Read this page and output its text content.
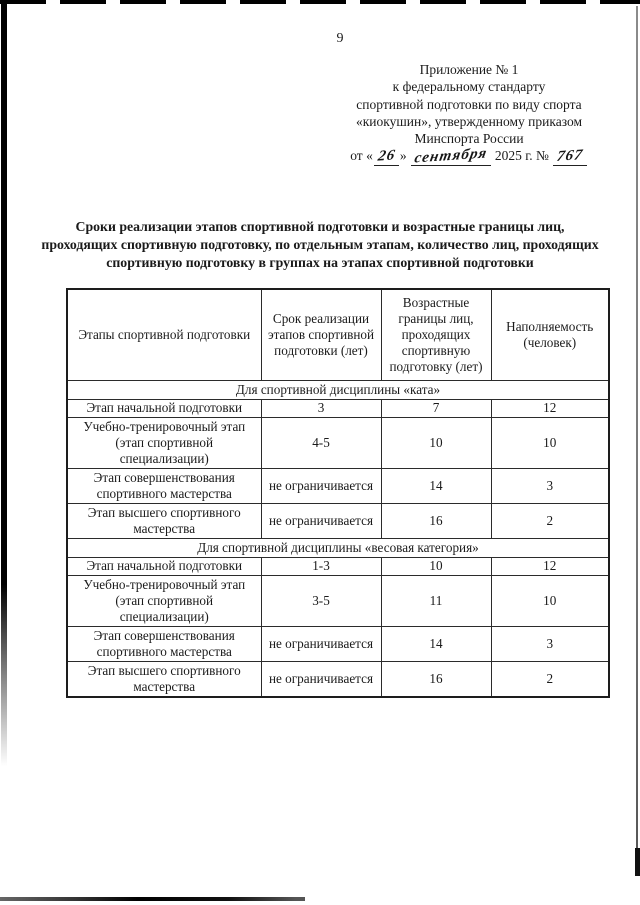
9

Приложение № 1
к федеральному стандарту
спортивной подготовки по виду спорта
«киокушин», утвержденному приказом
Минспорта России
от « 26 » сентября 2025 г. № 767
Сроки реализации этапов спортивной подготовки и возрастные границы лиц, проходящих спортивную подготовку, по отдельным этапам, количество лиц, проходящих спортивную подготовку в группах на этапах спортивной подготовки
Этапы спортивной подготовки	Срок реализации этапов спортивной подготовки (лет)	Возрастные границы лиц, проходящих спортивную подготовку (лет)	Наполняемость (человек)
Для спортивной дисциплины «ката»			
Этап начальной подготовки	3	7	12
Учебно-тренировочный этап (этап спортивной специализации)	4-5	10	10
Этап совершенствования спортивного мастерства	не ограничивается	14	3
Этап высшего спортивного мастерства	не ограничивается	16	2
Для спортивной дисциплины «весовая категория»			
Этап начальной подготовки	1-3	10	12
Учебно-тренировочный этап (этап спортивной специализации)	3-5	11	10
Этап совершенствования спортивного мастерства	не ограничивается	14	3
Этап высшего спортивного мастерства	не ограничивается	16	2
